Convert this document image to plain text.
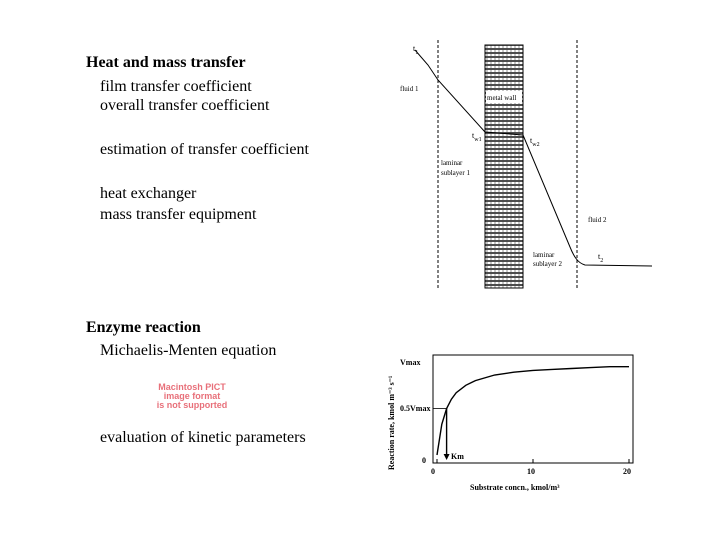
Heat and mass transfer
film transfer coefficient
overall transfer coefficient
estimation of transfer coefficient
heat exchanger
mass transfer equipment
Enzyme reaction
Michaelis-Menten equation
Macintosh PICT
image format
is not supported
evaluation of kinetic parameters
metal wall
$t_1$
fluid 1
$t_{w1}$	$t_{w2}$
laminar
sublayer 1
fluid 2
laminar
sublayer 2
$t_2$
Vmax
0.5Vmax
0	Km
0	10	20
Substrate concn., kmol/m³
Reaction rate, kmol m⁻³ s⁻¹
